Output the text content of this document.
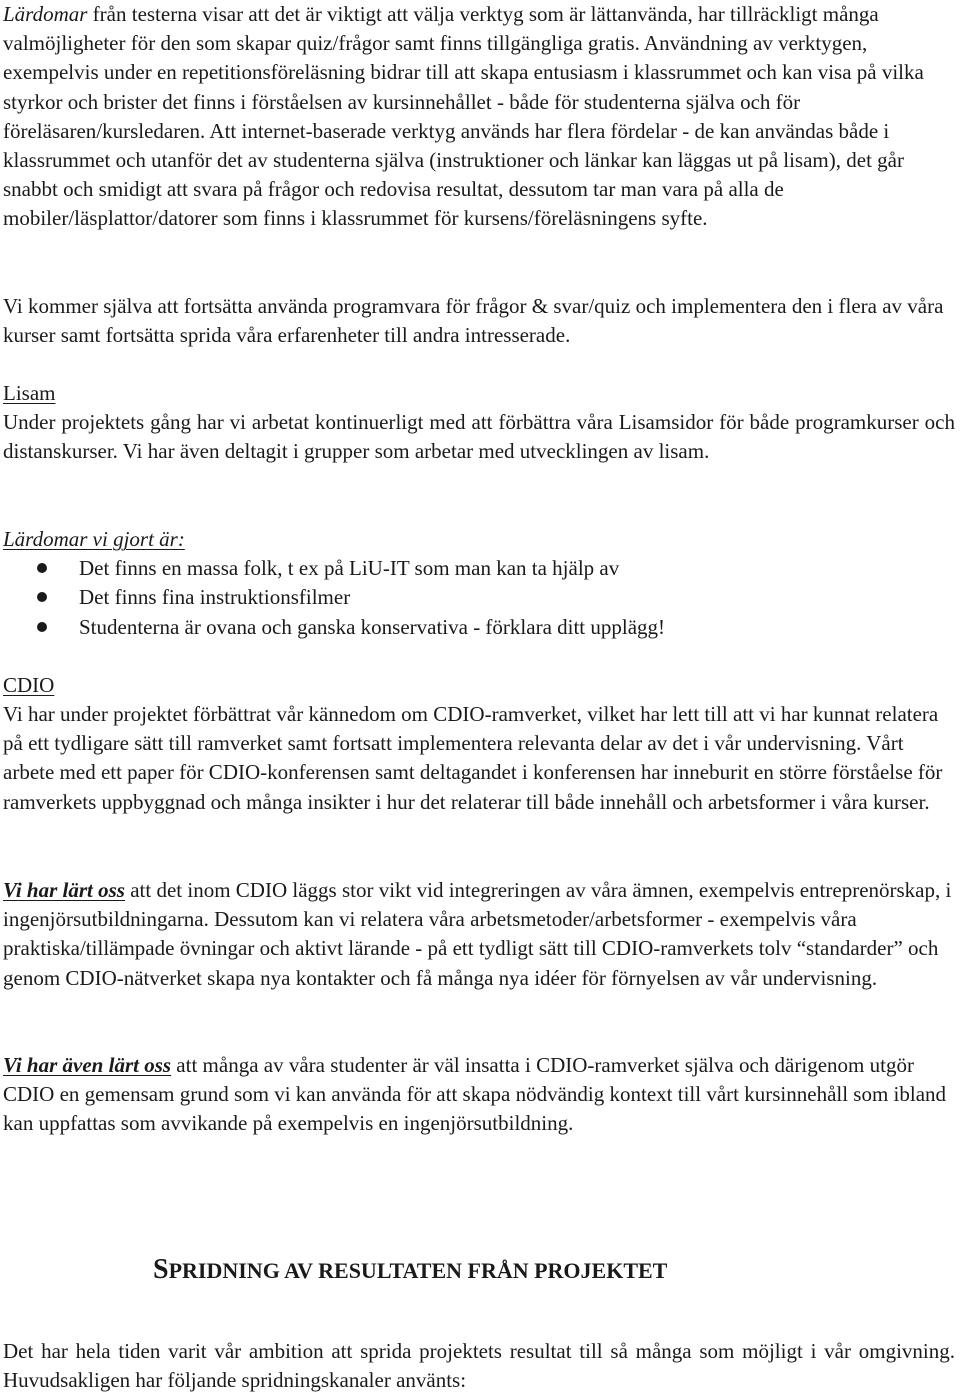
Lärdomar från testerna visar att det är viktigt att välja verktyg som är lättanvända, har tillräckligt många valmöjligheter för den som skapar quiz/frågor samt finns tillgängliga gratis. Användning av verktygen, exempelvis under en repetitionsföreläsning bidrar till att skapa entusiasm i klassrummet och kan visa på vilka styrkor och brister det finns i förståelsen av kursinnehållet - både för studenterna själva och för föreläsaren/kursledaren. Att internet-baserade verktyg används har flera fördelar - de kan användas både i klassrummet och utanför det av studenterna själva (instruktioner och länkar kan läggas ut på lisam), det går snabbt och smidigt att svara på frågor och redovisa resultat, dessutom tar man vara på alla de mobiler/läsplattor/datorer som finns i klassrummet för kursens/föreläsningens syfte.

Vi kommer själva att fortsätta använda programvara för frågor & svar/quiz och implementera den i flera av våra kurser samt fortsätta sprida våra erfarenheter till andra intresserade.

Lisam

Under projektets gång har vi arbetat kontinuerligt med att förbättra våra Lisamsidor för både programkurser och distanskurser. Vi har även deltagit i grupper som arbetar med utvecklingen av lisam.

Lärdomar vi gjort är:

Det finns en massa folk, t ex på LiU-IT som man kan ta hjälp av
Det finns fina instruktionsfilmer
Studenterna är ovana och ganska konservativa - förklara ditt upplägg!

CDIO

Vi har under projektet förbättrat vår kännedom om CDIO-ramverket, vilket har lett till att vi har kunnat relatera på ett tydligare sätt till ramverket samt fortsatt implementera relevanta delar av det i vår undervisning. Vårt arbete med ett paper för CDIO-konferensen samt deltagandet i konferensen har inneburit en större förståelse för ramverkets uppbyggnad och många insikter i hur det relaterar till både innehåll och arbetsformer i våra kurser.

Vi har lärt oss att det inom CDIO läggs stor vikt vid integreringen av våra ämnen, exempelvis entreprenörskap, i ingenjörsutbildningarna. Dessutom kan vi relatera våra arbetsmetoder/arbetsformer - exempelvis våra praktiska/tillämpade övningar och aktivt lärande - på ett tydligt sätt till CDIO-ramverkets tolv “standarder” och genom CDIO-nätverket skapa nya kontakter och få många nya idéer för förnyelsen av vår undervisning.

Vi har även lärt oss att många av våra studenter är väl insatta i CDIO-ramverket själva och därigenom utgör CDIO en gemensam grund som vi kan använda för att skapa nödvändig kontext till vårt kursinnehåll som ibland kan uppfattas som avvikande på exempelvis en ingenjörsutbildning.

Det har hela tiden varit vår ambition att sprida projektets resultat till så många som möjligt i vår omgivning. Huvudsakligen har följande spridningskanaler använts:

SPRIDNING AV RESULTATEN FRÅN PROJEKTET
